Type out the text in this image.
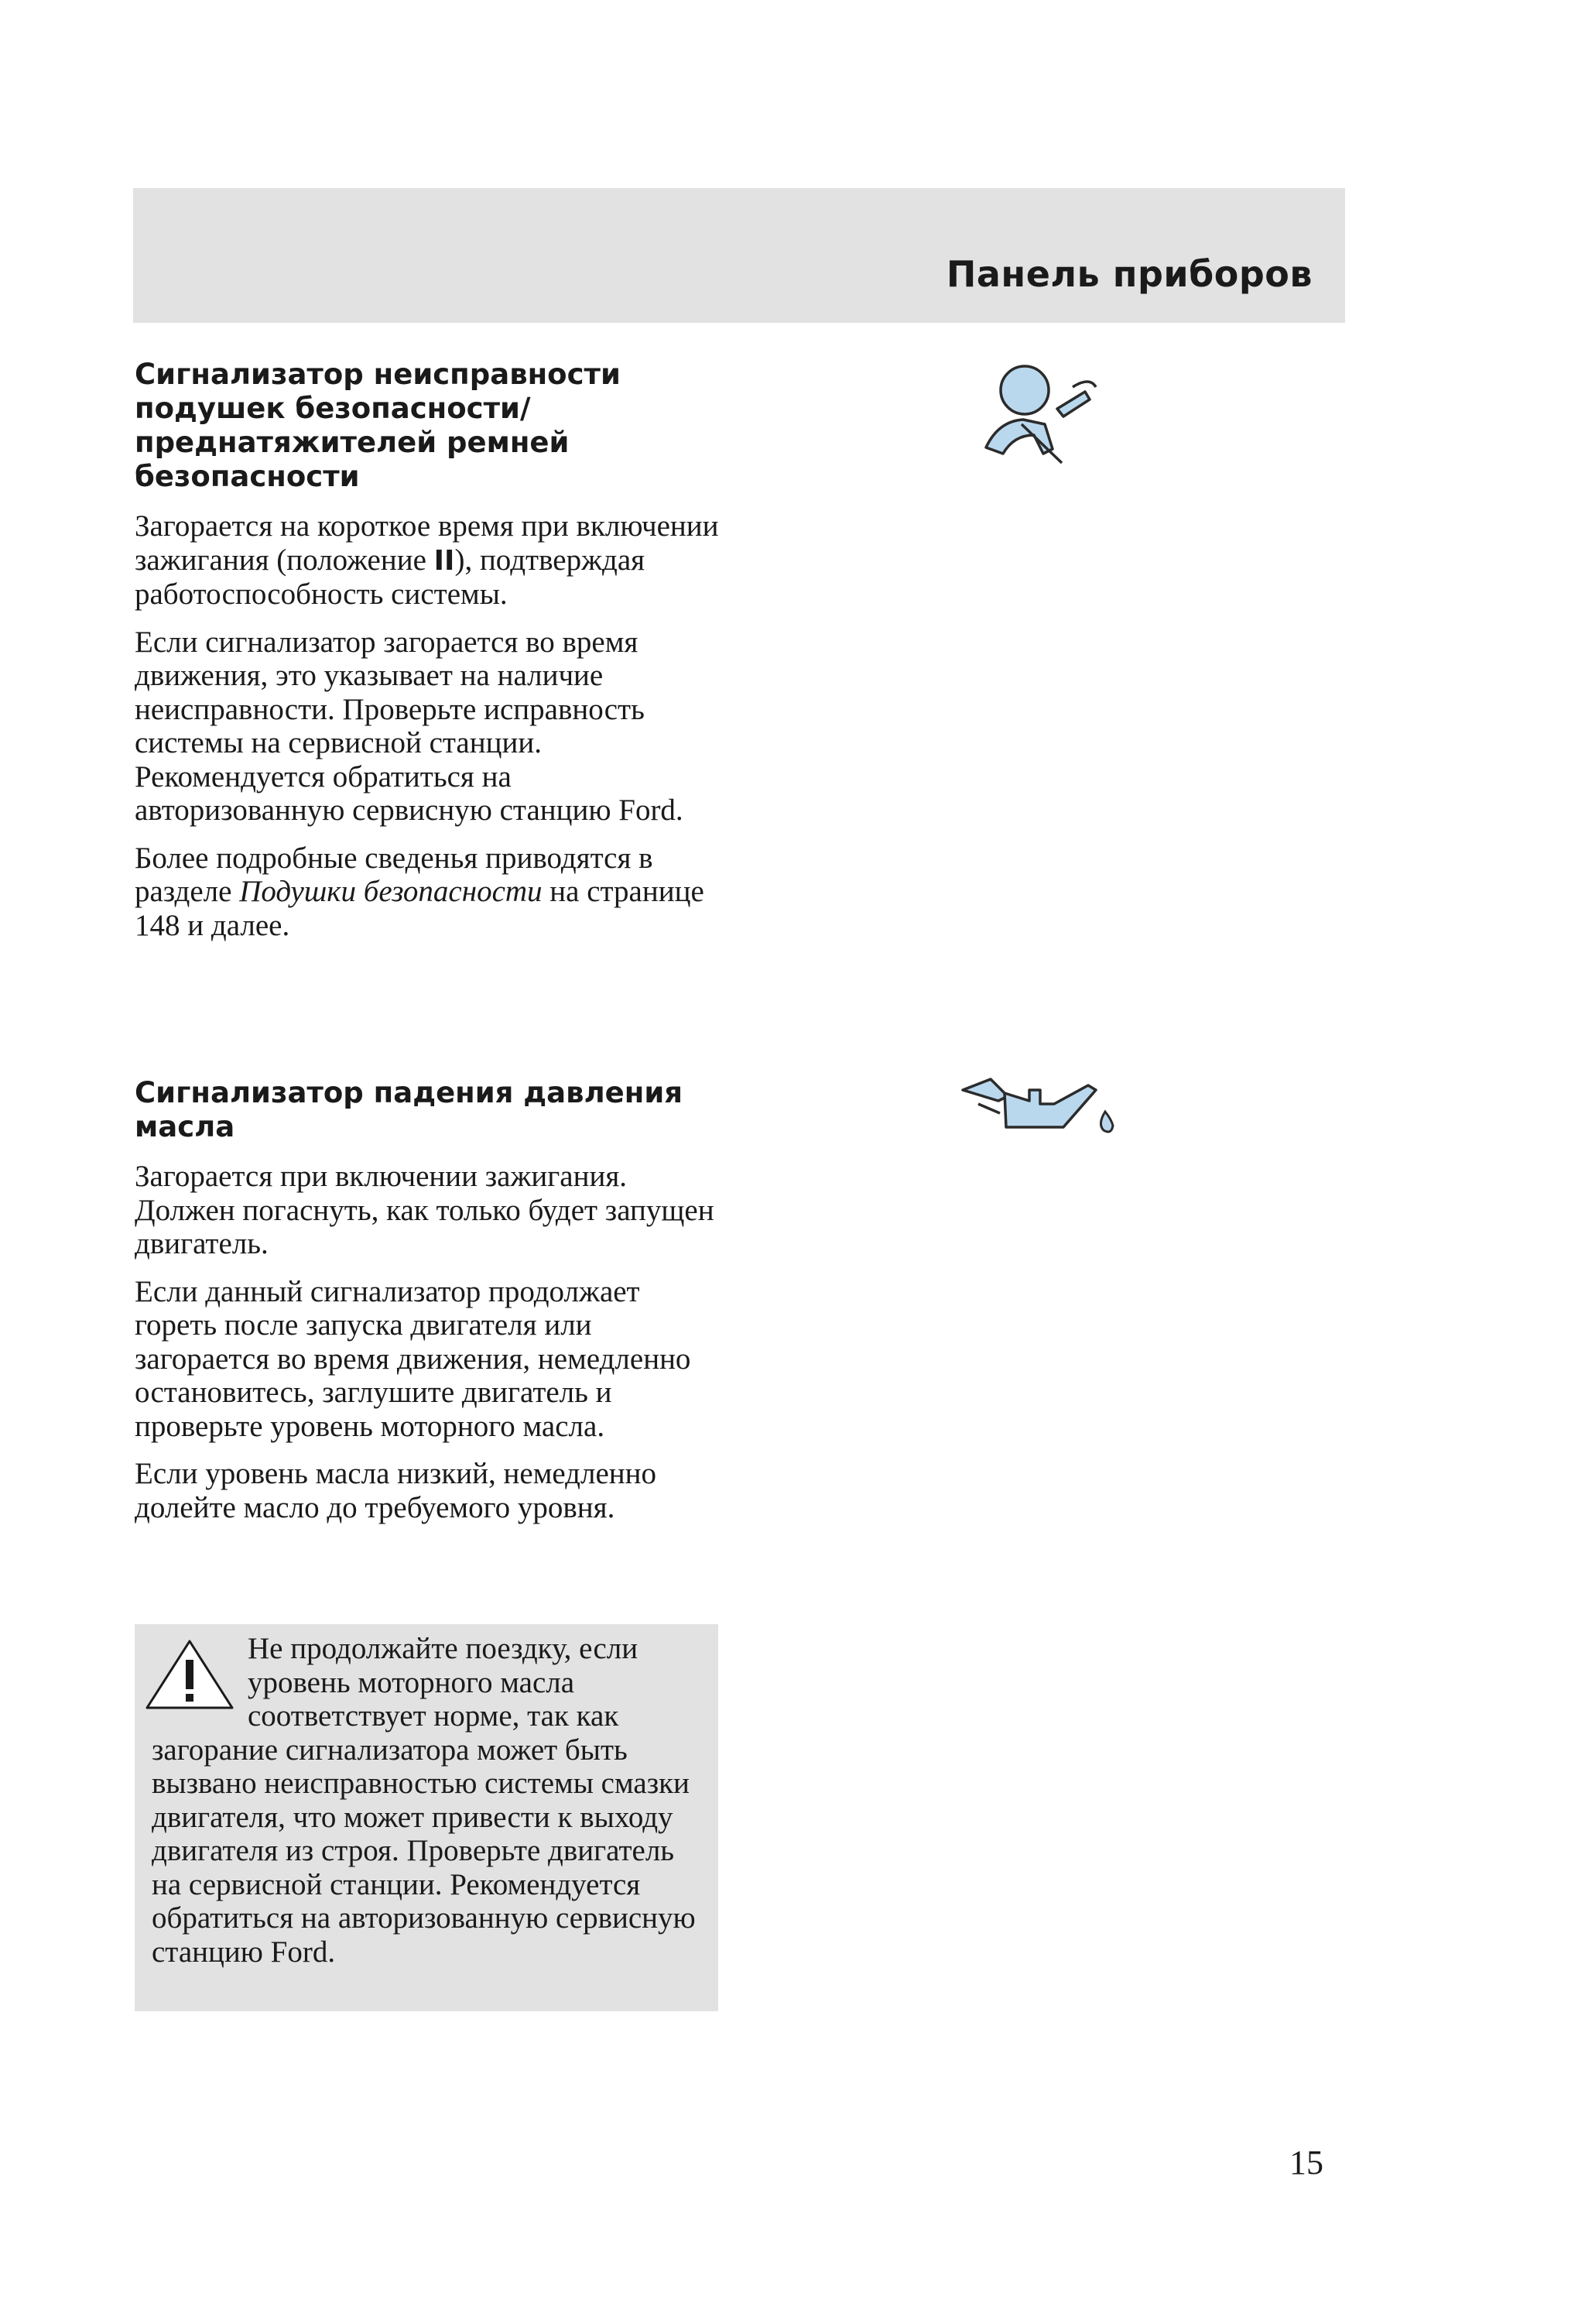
Панель приборов
Сигнализатор неисправности подушек безопасности/ преднатяжителей ремней безопасности

Загорается на короткое время при включении зажигания (положение II), подтверждая работоспособность системы.

Если сигнализатор загорается во время движения, это указывает на наличие неисправности. Проверьте исправность системы на сервисной станции. Рекомендуется обратиться на авторизованную сервисную станцию Ford.

Более подробные сведенья приводятся в разделе Подушки безопасности на странице 148 и далее.

Сигнализатор падения давления масла

Загорается при включении зажигания. Должен погаснуть, как только будет запущен двигатель.

Если данный сигнализатор продолжает гореть после запуска двигателя или загорается во время движения, немедленно остановитесь, заглушите двигатель и проверьте уровень моторного масла.

Если уровень масла низкий, немедленно долейте масло до требуемого уровня.

Не продолжайте поездку, если уровень моторного масла соответствует норме, так как загорание сигнализатора может быть вызвано неисправностью системы смазки двигателя, что может привести к выходу двигателя из строя. Проверьте двигатель на сервисной станции. Рекомендуется обратиться на авторизованную сервисную станцию Ford.
15
